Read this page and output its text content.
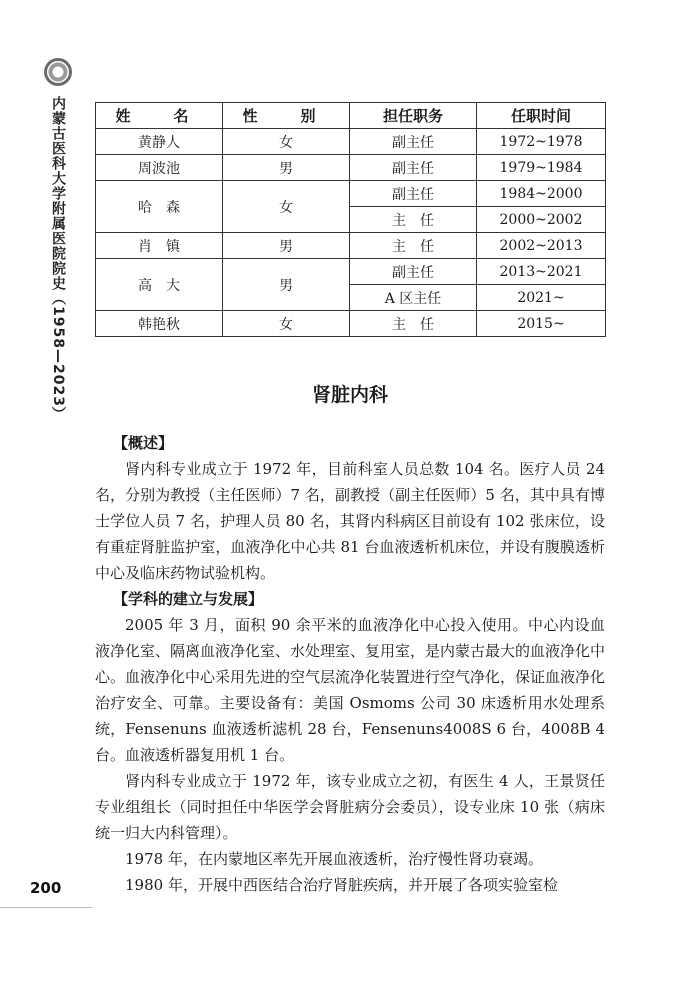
内蒙古医科大学附属医院院史（1958—2023）
200
姓　名	性　别	担任职务	任职时间
黄静人	女	副主任	1972~1978
周波池	男	副主任	1979~1984
哈　森	女	副主任	1984~2000
		主　任	2000~2002
肖　镇	男	主　任	2002~2013
高　大	男	副主任	2013~2021
		A 区主任	2021~
韩艳秋	女	主　任	2015~
肾脏内科
【概述】

肾内科专业成立于 1972 年，目前科室人员总数 104 名。医疗人员 24 名，分别为教授（主任医师）7 名，副教授（副主任医师）5 名，其中具有博士学位人员 7 名，护理人员 80 名，其肾内科病区目前设有 102 张床位，设有重症肾脏监护室，血液净化中心共 81 台血液透析机床位，并设有腹膜透析中心及临床药物试验机构。

【学科的建立与发展】

2005 年 3 月，面积 90 余平米的血液净化中心投入使用。中心内设血液净化室、隔离血液净化室、水处理室、复用室，是内蒙古最大的血液净化中心。血液净化中心采用先进的空气层流净化装置进行空气净化，保证血液净化治疗安全、可靠。主要设备有：美国 Osmoms 公司 30 床透析用水处理系统，Fensenuns 血液透析滤机 28 台，Fensenuns4008S 6 台，4008B 4 台。血液透析器复用机 1 台。

肾内科专业成立于 1972 年，该专业成立之初，有医生 4 人，王景贤任专业组组长（同时担任中华医学会肾脏病分会委员），设专业床 10 张（病床统一归大内科管理）。

1978 年，在内蒙地区率先开展血液透析，治疗慢性肾功衰竭。

1980 年，开展中西医结合治疗肾脏疾病，并开展了各项实验室检
